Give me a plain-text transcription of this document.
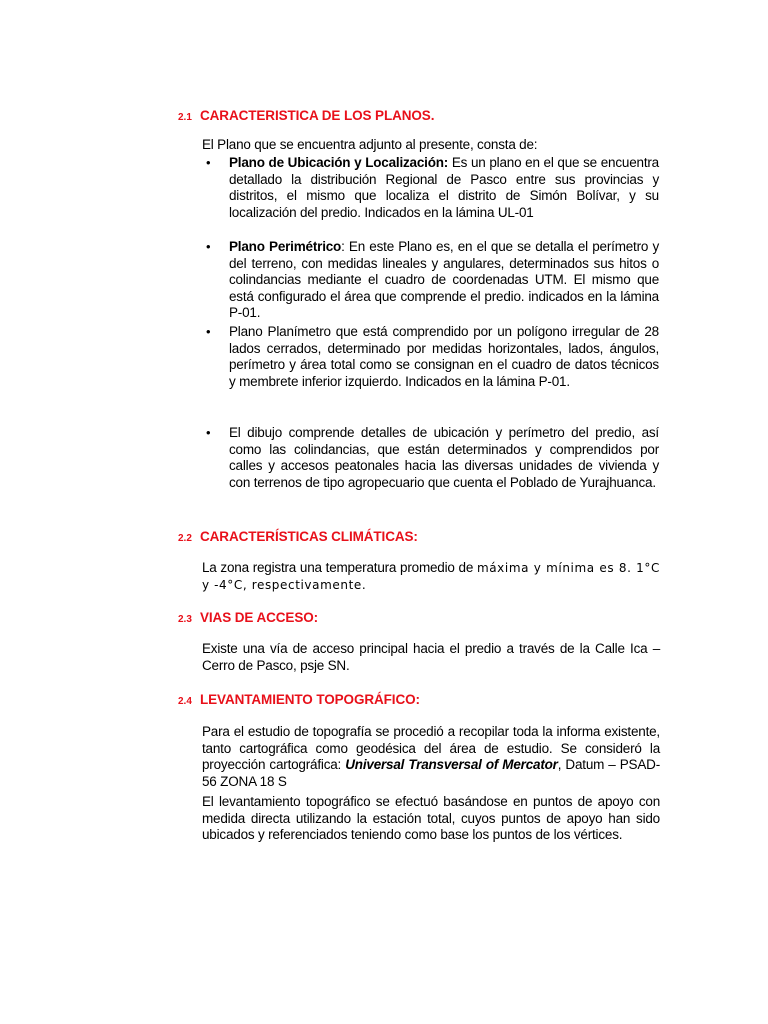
2.1 CARACTERISTICA DE LOS PLANOS.
El Plano que se encuentra adjunto al presente, consta de:
• Plano de Ubicación y Localización: Es un plano en el que se encuentra detallado la distribución Regional de Pasco entre sus provincias y distritos, el mismo que localiza el distrito de Simón Bolívar, y su localización del predio. Indicados en la lámina UL-01
• Plano Perimétrico: En este Plano es, en el que se detalla el perímetro y del terreno, con medidas lineales y angulares, determinados sus hitos o colindancias mediante el cuadro de coordenadas UTM. El mismo que está configurado el área que comprende el predio. indicados en la lámina P-01.
• Plano Planímetro que está comprendido por un polígono irregular de 28 lados cerrados, determinado por medidas horizontales, lados, ángulos, perímetro y área total como se consignan en el cuadro de datos técnicos y membrete inferior izquierdo. Indicados en la lámina P-01.
• El dibujo comprende detalles de ubicación y perímetro del predio, así como las colindancias, que están determinados y comprendidos por calles y accesos peatonales hacia las diversas unidades de vivienda y con terrenos de tipo agropecuario que cuenta el Poblado de Yurajhuanca.
2.2 CARACTERÍSTICAS CLIMÁTICAS:
La zona registra una temperatura promedio de máxima y mínima es 8. 1°C y -4°C, respectivamente.
2.3 VIAS DE ACCESO:
Existe una vía de acceso principal hacia el predio a través de la Calle Ica – Cerro de Pasco, psje SN.
2.4 LEVANTAMIENTO TOPOGRÁFICO:
Para el estudio de topografía se procedió a recopilar toda la informa existente, tanto cartográfica como geodésica del área de estudio. Se consideró la proyección cartográfica: Universal Transversal of Mercator, Datum – PSAD-56 ZONA 18 S
El levantamiento topográfico se efectuó basándose en puntos de apoyo con medida directa utilizando la estación total, cuyos puntos de apoyo han sido ubicados y referenciados teniendo como base los puntos de los vértices.
